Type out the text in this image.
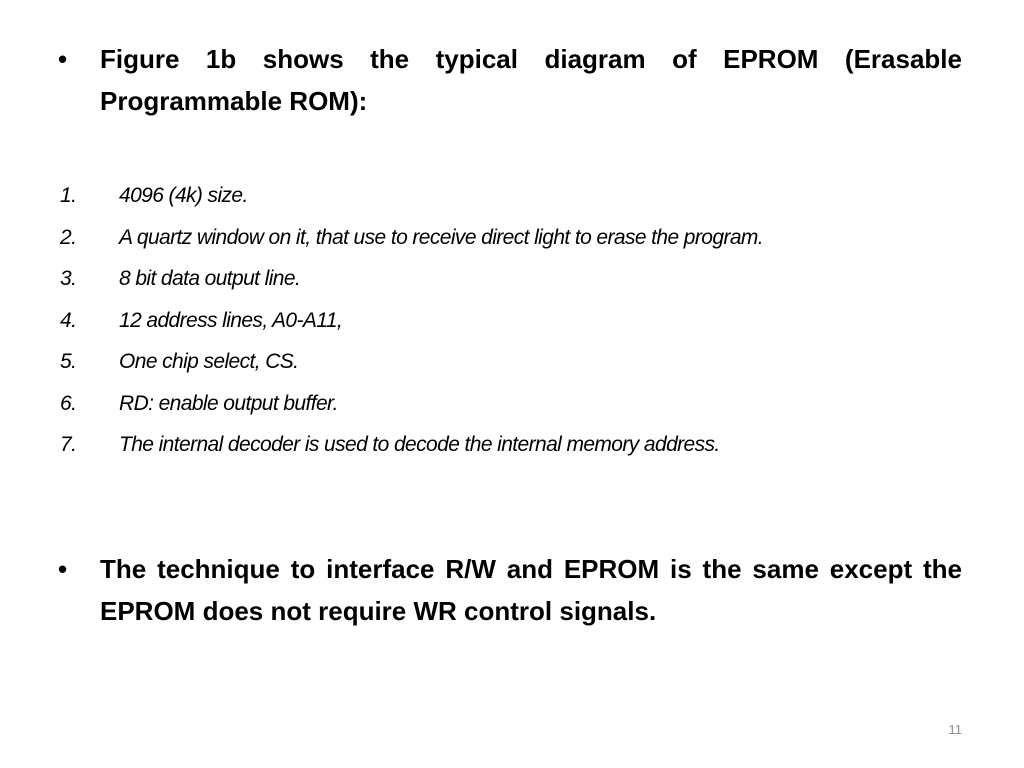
•	Figure 1b shows the typical diagram of EPROM (Erasable Programmable ROM):
1.	4096 (4k) size.
2.	A quartz window on it, that use to receive direct light to erase the program.
3.	8 bit data output line.
4.	12 address lines, A0-A11,
5.	One chip select, CS.
6.	RD: enable output buffer.
7.	The internal decoder is used to decode the internal memory address.
•	The technique to interface R/W and EPROM is the same except the EPROM does not require WR control signals.
11
